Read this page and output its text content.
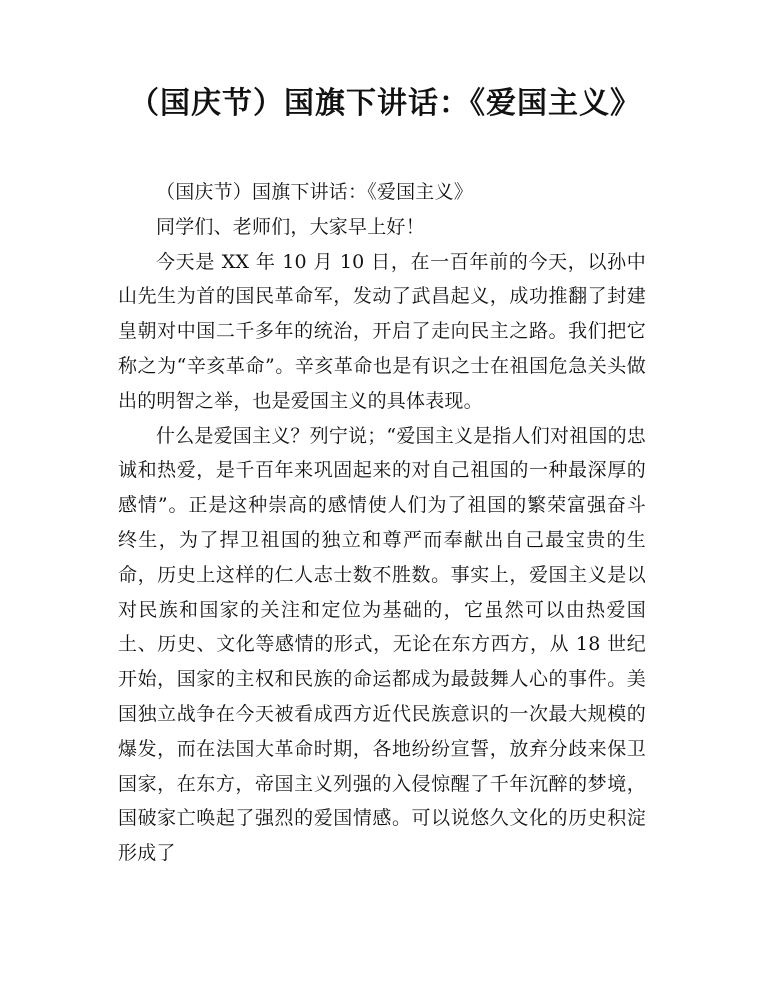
（国庆节）国旗下讲话：《爱国主义》

（国庆节）国旗下讲话：《爱国主义》

同学们、老师们，大家早上好！

今天是 XX 年 10 月 10 日，在一百年前的今天，以孙中山先生为首的国民革命军，发动了武昌起义，成功推翻了封建皇朝对中国二千多年的统治，开启了走向民主之路。我们把它称之为“辛亥革命”。辛亥革命也是有识之士在祖国危急关头做出的明智之举，也是爱国主义的具体表现。

什么是爱国主义？列宁说；“爱国主义是指人们对祖国的忠诚和热爱，是千百年来巩固起来的对自己祖国的一种最深厚的感情”。正是这种崇高的感情使人们为了祖国的繁荣富强奋斗终生，为了捍卫祖国的独立和尊严而奉献出自己最宝贵的生命，历史上这样的仁人志士数不胜数。事实上，爱国主义是以对民族和国家的关注和定位为基础的，它虽然可以由热爱国土、历史、文化等感情的形式，无论在东方西方，从 18 世纪开始，国家的主权和民族的命运都成为最鼓舞人心的事件。美国独立战争在今天被看成西方近代民族意识的一次最大规模的爆发，而在法国大革命时期，各地纷纷宣誓，放弃分歧来保卫国家，在东方，帝国主义列强的入侵惊醒了千年沉醉的梦境，国破家亡唤起了强烈的爱国情感。可以说悠久文化的历史积淀形成了
